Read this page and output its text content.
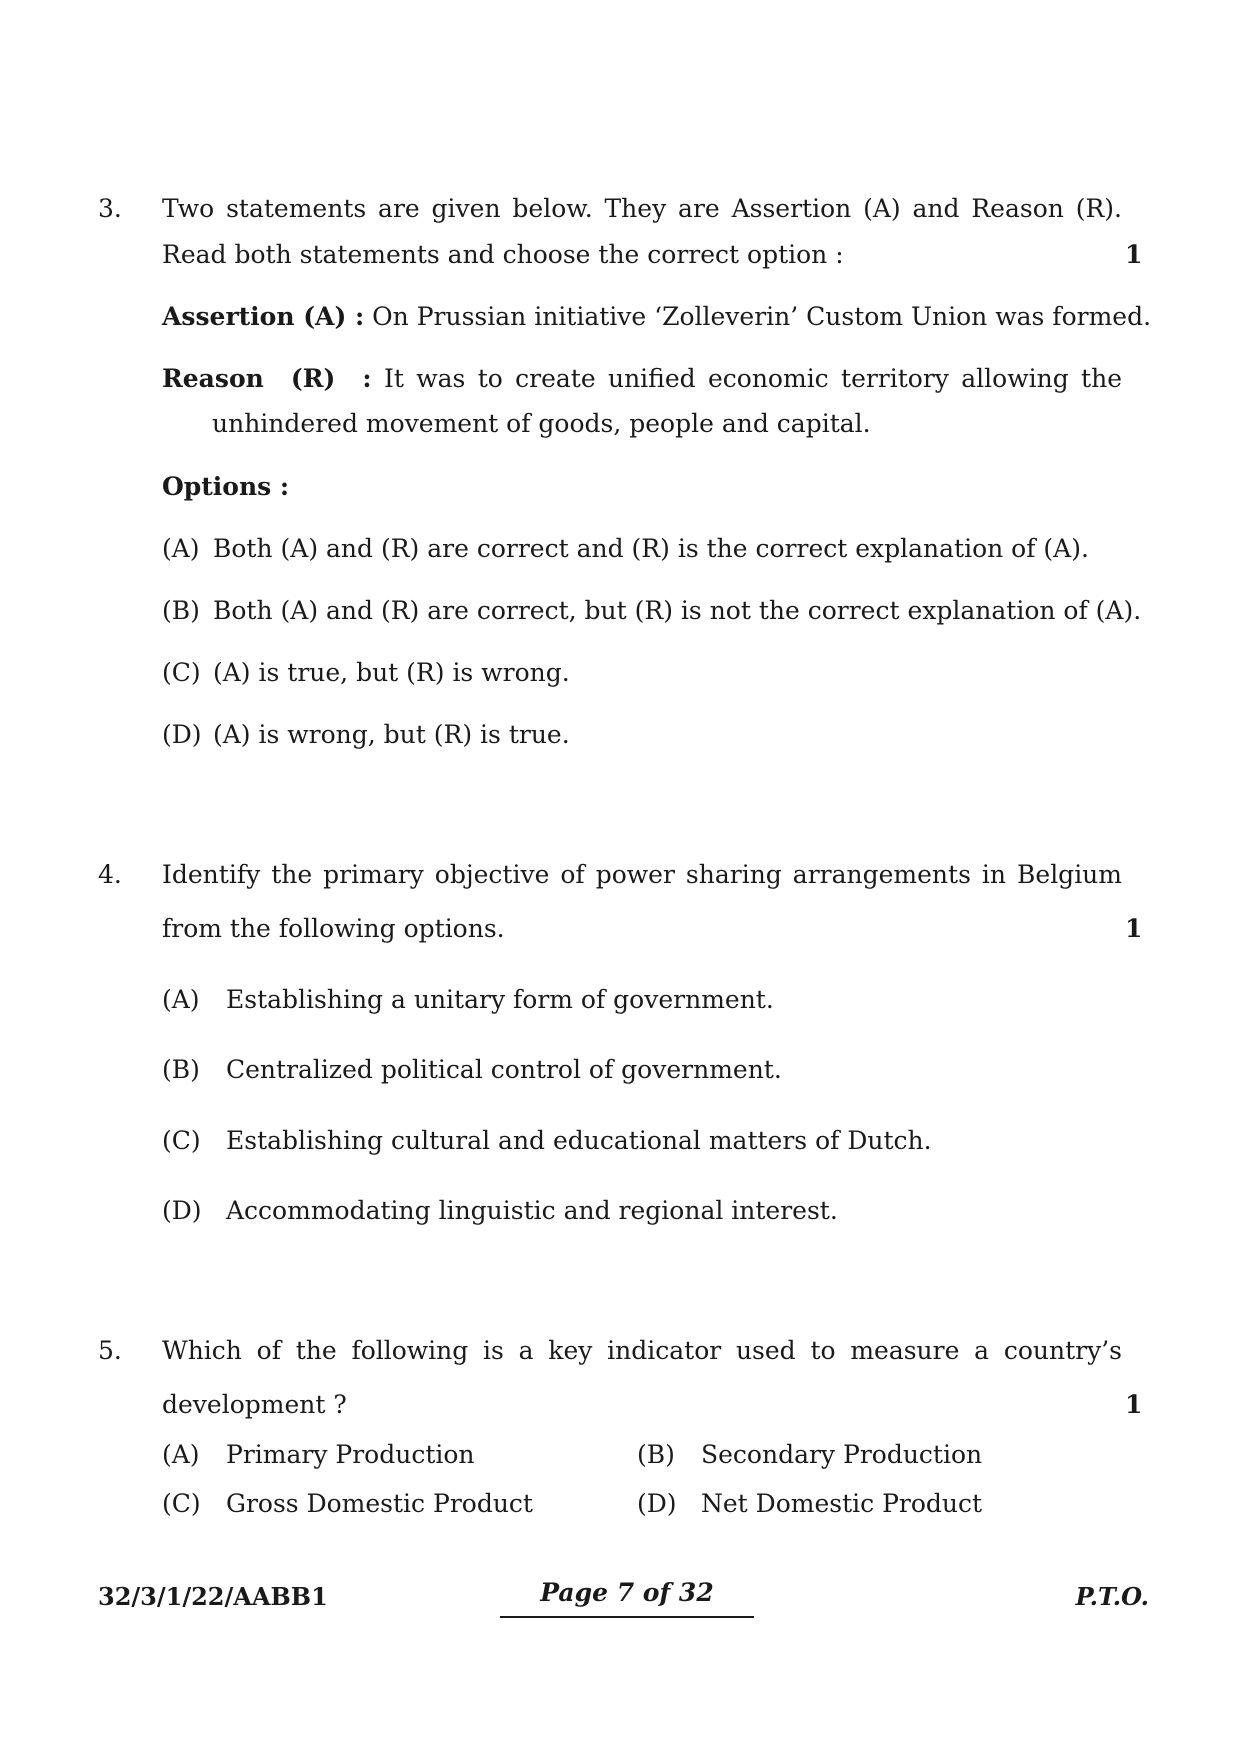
3. Two statements are given below. They are Assertion (A) and Reason (R).
Read both statements and choose the correct option :	1
Assertion (A) : On Prussian initiative ‘Zolleverin’ Custom Union was formed.
Reason (R) : It was to create unified economic territory allowing the
unhindered movement of goods, people and capital.
Options :
(A) Both (A) and (R) are correct and (R) is the correct explanation of (A).
(B) Both (A) and (R) are correct, but (R) is not the correct explanation of (A).
(C) (A) is true, but (R) is wrong.
(D) (A) is wrong, but (R) is true.
4. Identify the primary objective of power sharing arrangements in Belgium
from the following options.	1
(A) Establishing a unitary form of government.
(B) Centralized political control of government.
(C) Establishing cultural and educational matters of Dutch.
(D) Accommodating linguistic and regional interest.
5. Which of the following is a key indicator used to measure a country’s
development ?	1
(A) Primary Production	(B) Secondary Production
(C) Gross Domestic Product	(D) Net Domestic Product
32/3/1/22/AABB1	Page 7 of 32	P.T.O.
